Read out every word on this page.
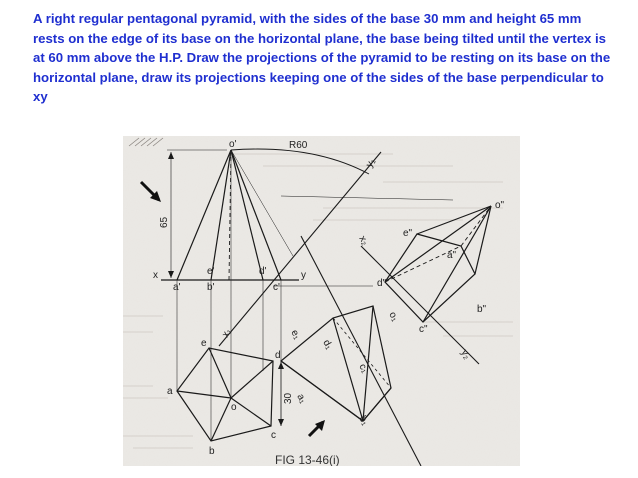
A right regular pentagonal pyramid, with the sides of the base 30 mm and height 65 mm rests on the edge of its base on the horizontal plane, the base being tilted until the vertex is at 60 mm above the H.P. Draw the projections of the pyramid to be resting on its base on the horizontal plane, draw its projections keeping one of the sides of the base perpendicular to xy
o'	R60
65
x	y
a'	b'	c'
d'
e'
y₁
x₁
x₂
y₂
a
b
c
d
e
o
30
e₁
d₁
o₁
c₁
a₁
b₁
o"
e"
a"
d"
b"
c"
FIG 13-46(i)
